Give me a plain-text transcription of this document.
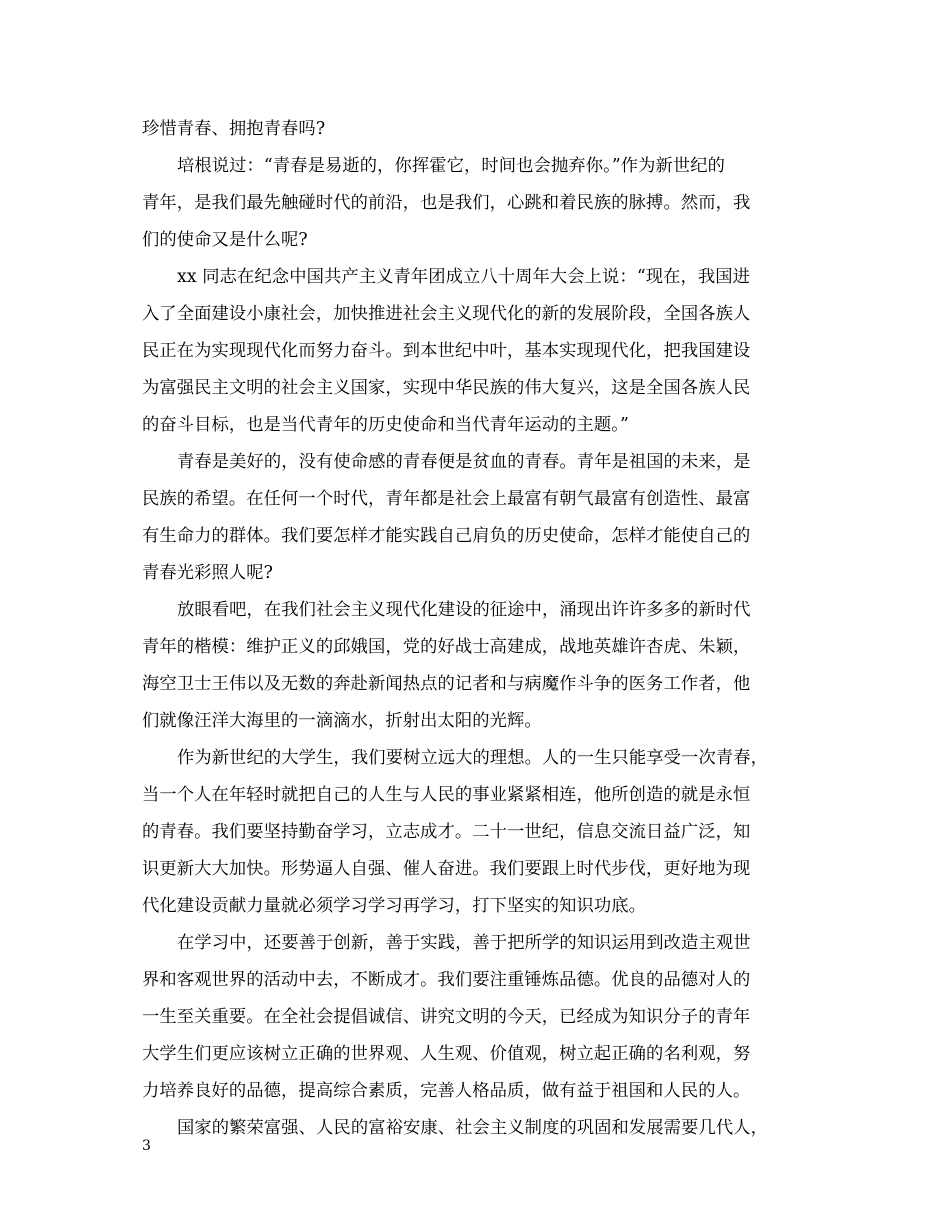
珍惜青春、拥抱青春吗?
培根说过：“青春是易逝的，你挥霍它，时间也会抛弃你。”作为新世纪的
青年，是我们最先触碰时代的前沿，也是我们，心跳和着民族的脉搏。然而，我
们的使命又是什么呢?
xx 同志在纪念中国共产主义青年团成立八十周年大会上说：“现在，我国进
入了全面建设小康社会，加快推进社会主义现代化的新的发展阶段，全国各族人
民正在为实现现代化而努力奋斗。到本世纪中叶，基本实现现代化，把我国建设
为富强民主文明的社会主义国家，实现中华民族的伟大复兴，这是全国各族人民
的奋斗目标，也是当代青年的历史使命和当代青年运动的主题。”
青春是美好的，没有使命感的青春便是贫血的青春。青年是祖国的未来，是
民族的希望。在任何一个时代，青年都是社会上最富有朝气最富有创造性、最富
有生命力的群体。我们要怎样才能实践自己肩负的历史使命，怎样才能使自己的
青春光彩照人呢?
放眼看吧，在我们社会主义现代化建设的征途中，涌现出许许多多的新时代
青年的楷模：维护正义的邱娥国，党的好战士高建成，战地英雄许杏虎、朱颖，
海空卫士王伟以及无数的奔赴新闻热点的记者和与病魔作斗争的医务工作者，他
们就像汪洋大海里的一滴滴水，折射出太阳的光辉。
作为新世纪的大学生，我们要树立远大的理想。人的一生只能享受一次青春，
当一个人在年轻时就把自己的人生与人民的事业紧紧相连，他所创造的就是永恒
的青春。我们要坚持勤奋学习，立志成才。二十一世纪，信息交流日益广泛，知
识更新大大加快。形势逼人自强、催人奋进。我们要跟上时代步伐，更好地为现
代化建设贡献力量就必须学习学习再学习，打下坚实的知识功底。
在学习中，还要善于创新，善于实践，善于把所学的知识运用到改造主观世
界和客观世界的活动中去，不断成才。我们要注重锤炼品德。优良的品德对人的
一生至关重要。在全社会提倡诚信、讲究文明的今天，已经成为知识分子的青年
大学生们更应该树立正确的世界观、人生观、价值观，树立起正确的名利观，努
力培养良好的品德，提高综合素质，完善人格品质，做有益于祖国和人民的人。
国家的繁荣富强、人民的富裕安康、社会主义制度的巩固和发展需要几代人，
3
